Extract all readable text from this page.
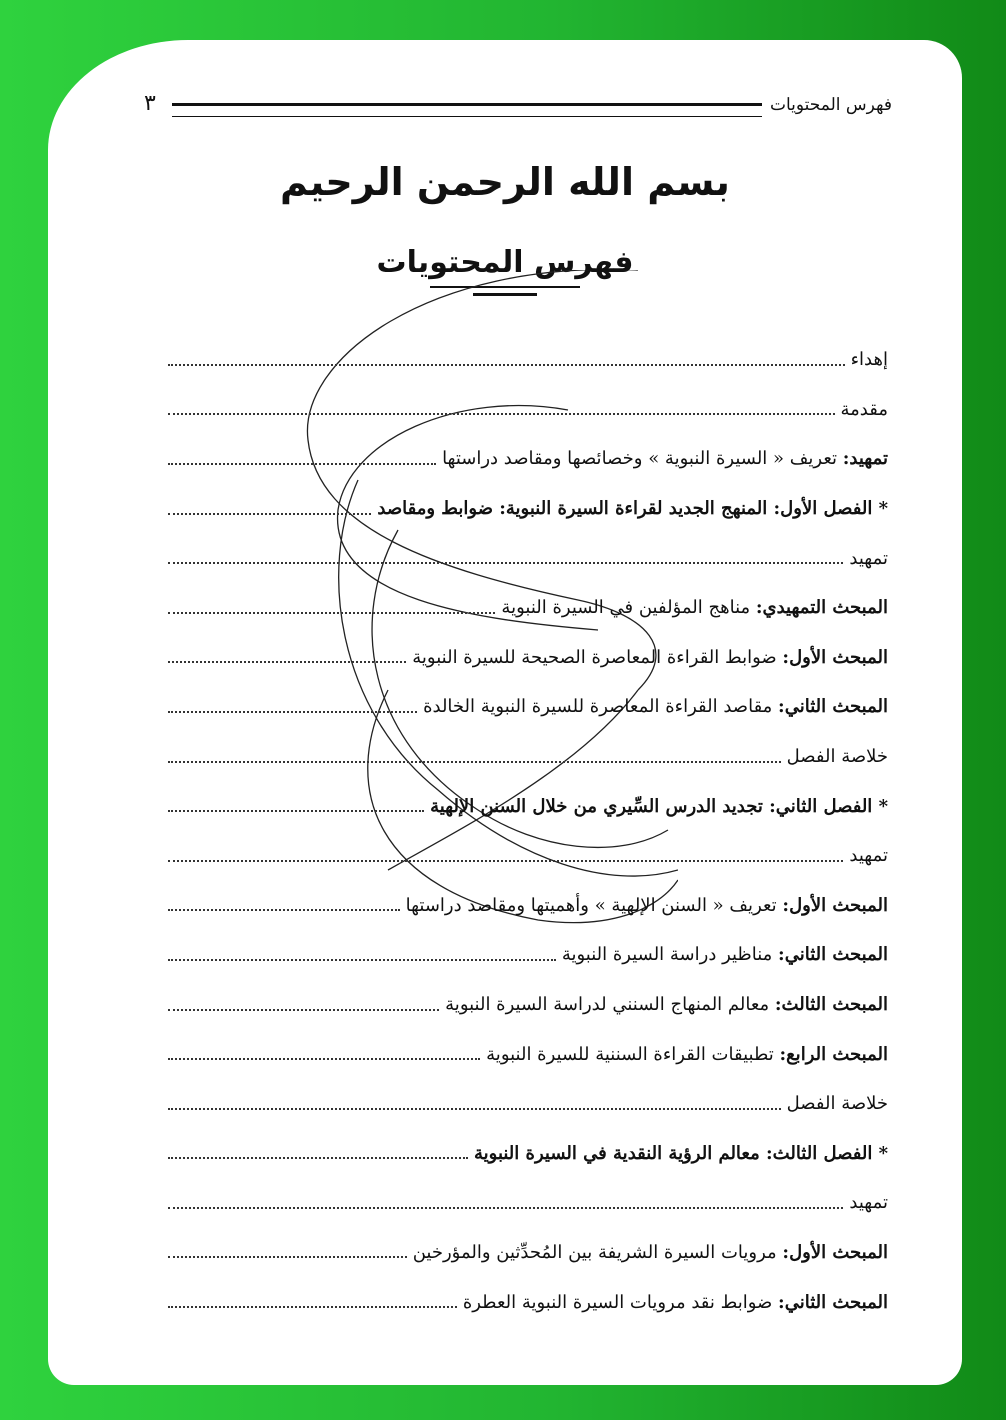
فهرس المحتويات
٣
بسم الله الرحمن الرحيم
فهرس المحتويات
إهداء
مقدمة
تمهيد: تعريف « السيرة النبوية » وخصائصها ومقاصد دراستها
* الفصل الأول: المنهج الجديد لقراءة السيرة النبوية: ضوابط ومقاصد
تمهيد
المبحث التمهيدي: مناهج المؤلفين في السيرة النبوية
المبحث الأول: ضوابط القراءة المعاصرة الصحيحة للسيرة النبوية
المبحث الثاني: مقاصد القراءة المعاصرة للسيرة النبوية الخالدة
خلاصة الفصل
* الفصل الثاني: تجديد الدرس السِّيري من خلال السنن الإلهية
تمهيد
المبحث الأول: تعريف « السنن الإلهية » وأهميتها ومقاصد دراستها
المبحث الثاني: مناظير دراسة السيرة النبوية
المبحث الثالث: معالم المنهاج السنني لدراسة السيرة النبوية
المبحث الرابع: تطبيقات القراءة السننية للسيرة النبوية
خلاصة الفصل
* الفصل الثالث: معالم الرؤية النقدية في السيرة النبوية
تمهيد
المبحث الأول: مرويات السيرة الشريفة بين المُحدِّثين والمؤرخين
المبحث الثاني: ضوابط نقد مرويات السيرة النبوية العطرة
